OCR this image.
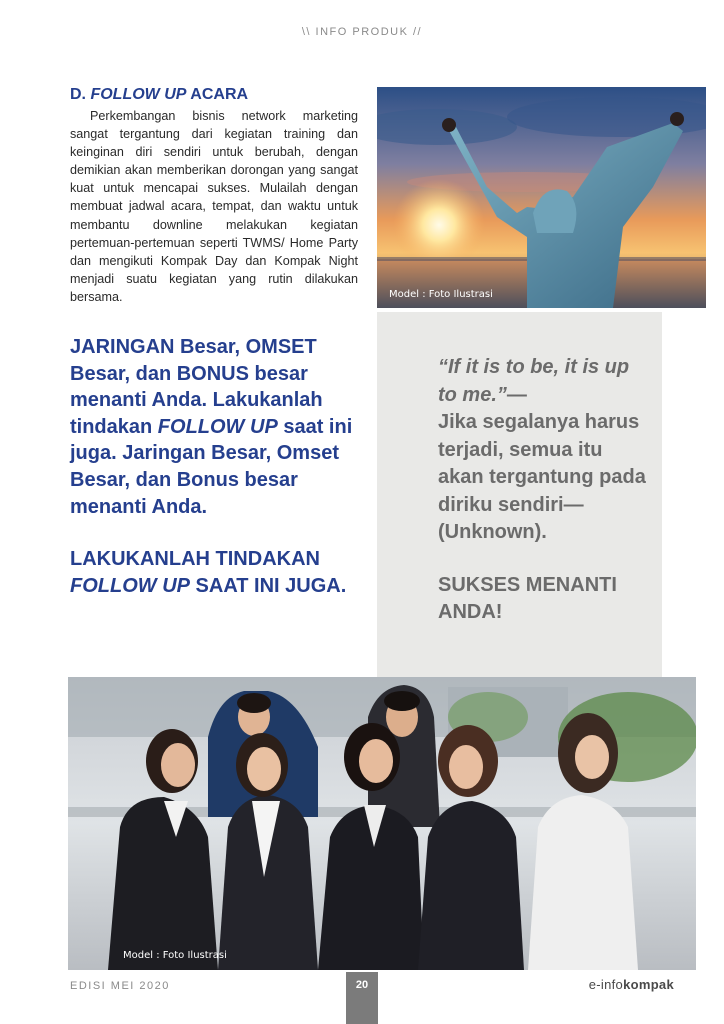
\\ INFO PRODUK //
D. FOLLOW UP ACARA
Perkembangan bisnis network marketing sangat tergantung dari kegiatan training dan keinginan diri sendiri untuk berubah, dengan demikian akan memberikan dorongan yang sangat kuat untuk mencapai sukses. Mulailah dengan membuat jadwal acara, tempat, dan waktu untuk membantu downline melakukan kegiatan pertemuan-pertemuan seperti TWMS/ Home Party dan mengikuti Kompak Day dan Kompak Night menjadi suatu kegiatan yang rutin dilakukan bersama.	Model : Foto Ilustrasi
JARINGAN Besar, OMSET Besar, dan BONUS besar menanti Anda. Lakukanlah tindakan FOLLOW UP saat ini juga. Jaringan Besar, Omset Besar, dan Bonus besar menanti Anda.
LAKUKANLAH TINDAKAN FOLLOW UP SAAT INI JUGA.
“If it is to be, it is up to me.”—
Jika segalanya harus terjadi, semua itu akan tergantung pada diriku sendiri— (Unknown).
SUKSES MENANTI ANDA!
Model : Foto Ilustrasi
EDISI MEI 2020	20	e-infokompak
